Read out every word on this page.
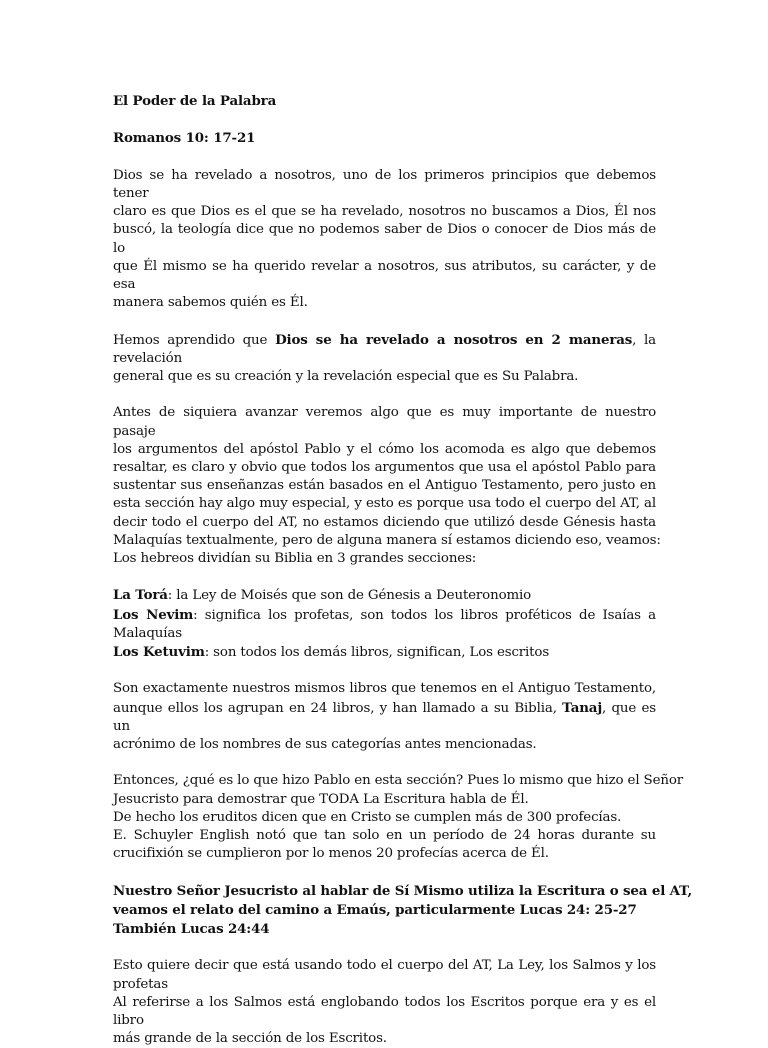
El Poder de la Palabra
Romanos 10: 17-21
Dios se ha revelado a nosotros, uno de los primeros principios que debemos tener
claro es que Dios es el que se ha revelado, nosotros no buscamos a Dios, Él nos
buscó, la teología dice que no podemos saber de Dios o conocer de Dios más de lo
que Él mismo se ha querido revelar a nosotros, sus atributos, su carácter, y de esa
manera sabemos quién es Él.
Hemos aprendido que Dios se ha revelado a nosotros en 2 maneras, la revelación
general que es su creación y la revelación especial que es Su Palabra.
Antes de siquiera avanzar veremos algo que es muy importante de nuestro pasaje
los argumentos del apóstol Pablo y el cómo los acomoda es algo que debemos
resaltar, es claro y obvio que todos los argumentos que usa el apóstol Pablo para
sustentar sus enseñanzas están basados en el Antiguo Testamento, pero justo en
esta sección hay algo muy especial, y esto es porque usa todo el cuerpo del AT, al
decir todo el cuerpo del AT, no estamos diciendo que utilizó desde Génesis hasta
Malaquías textualmente, pero de alguna manera sí estamos diciendo eso, veamos:
Los hebreos dividían su Biblia en 3 grandes secciones:
La Torá: la Ley de Moisés que son de Génesis a Deuteronomio
Los Nevim: significa los profetas, son todos los libros proféticos de Isaías a
Malaquías
Los Ketuvim: son todos los demás libros, significan, Los escritos
Son exactamente nuestros mismos libros que tenemos en el Antiguo Testamento,
aunque ellos los agrupan en 24 libros, y han llamado a su Biblia, Tanaj, que es un
acrónimo de los nombres de sus categorías antes mencionadas.
Entonces, ¿qué es lo que hizo Pablo en esta sección? Pues lo mismo que hizo el Señor
Jesucristo para demostrar que TODA La Escritura habla de Él.
De hecho los eruditos dicen que en Cristo se cumplen más de 300 profecías.
E. Schuyler English notó que tan solo en un período de 24 horas durante su
crucifixión se cumplieron por lo menos 20 profecías acerca de Él.
Nuestro Señor Jesucristo al hablar de Sí Mismo utiliza la Escritura o sea el AT,
veamos el relato del camino a Emaús, particularmente Lucas 24: 25-27
También Lucas 24:44
Esto quiere decir que está usando todo el cuerpo del AT, La Ley, los Salmos y los
profetas
Al referirse a los Salmos está englobando todos los Escritos porque era y es el libro
más grande de la sección de los Escritos.
